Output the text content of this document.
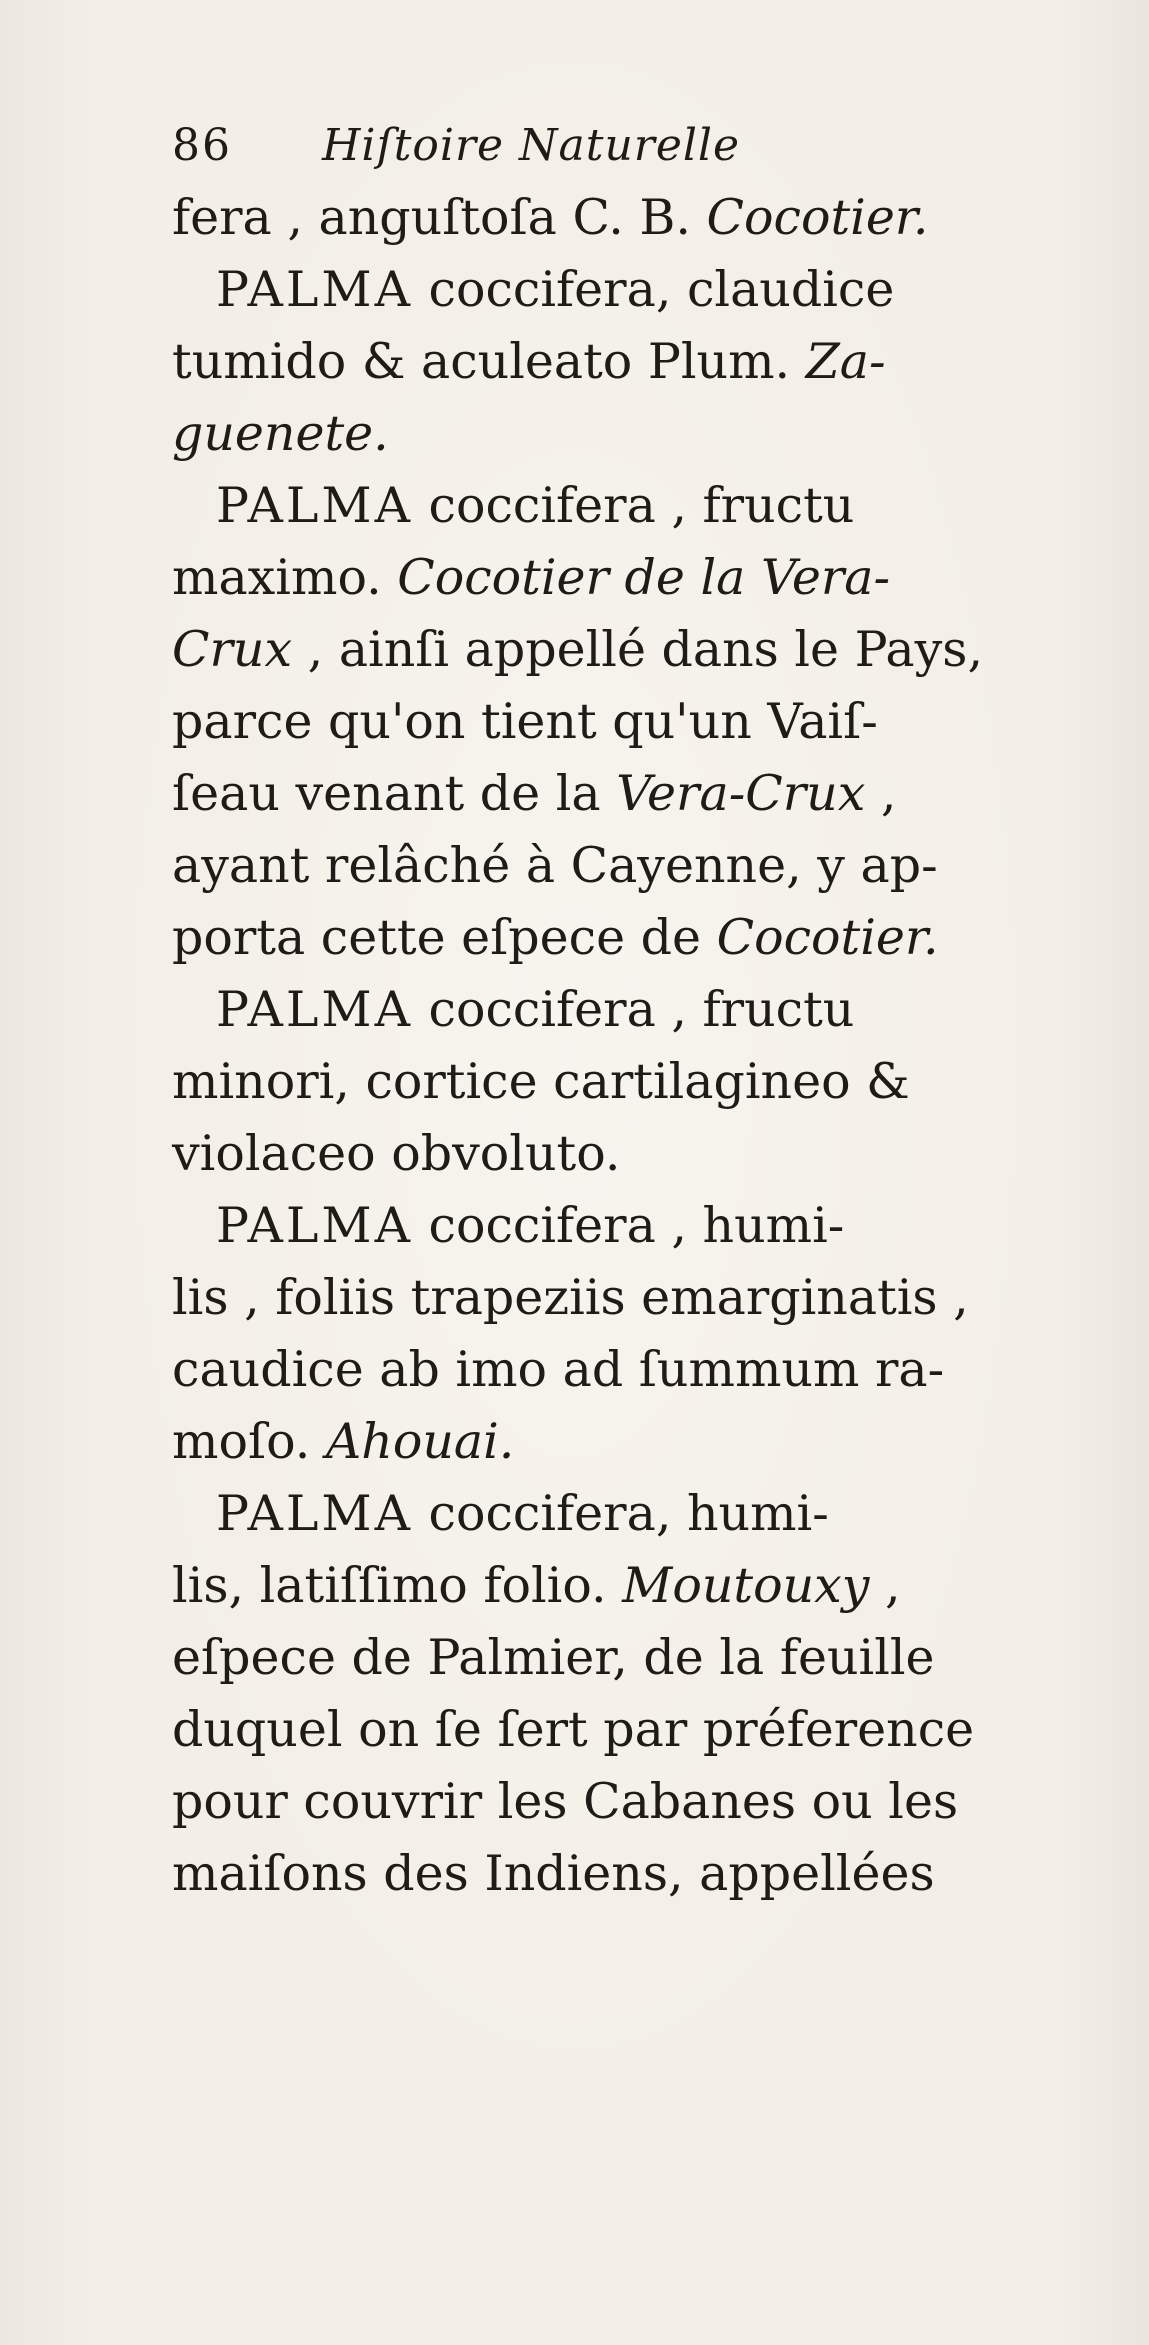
86	Hiſtoire Naturelle
fera , anguſtoſa C. B. Cocotier.
PALMA coccifera, claudice
tumido & aculeato Plum. Za-
guenete.
PALMA coccifera , fructu
maximo. Cocotier de la Vera-
Crux , ainſi appellé dans le Pays,
parce qu'on tient qu'un Vaiſ-
ſeau venant de la Vera-Crux ,
ayant relâché à Cayenne, y ap-
porta cette eſpece de Cocotier.
PALMA coccifera , fructu
minori, cortice cartilagineo &
violaceo obvoluto.
PALMA coccifera , humi-
lis , foliis trapeziis emarginatis ,
caudice ab imo ad ſummum ra-
moſo. Ahouai.
PALMA coccifera, humi-
lis, latiſſimo folio. Moutouxy ,
eſpece de Palmier, de la feuille
duquel on ſe ſert par préference
pour couvrir les Cabanes ou les
maiſons des Indiens, appellées
